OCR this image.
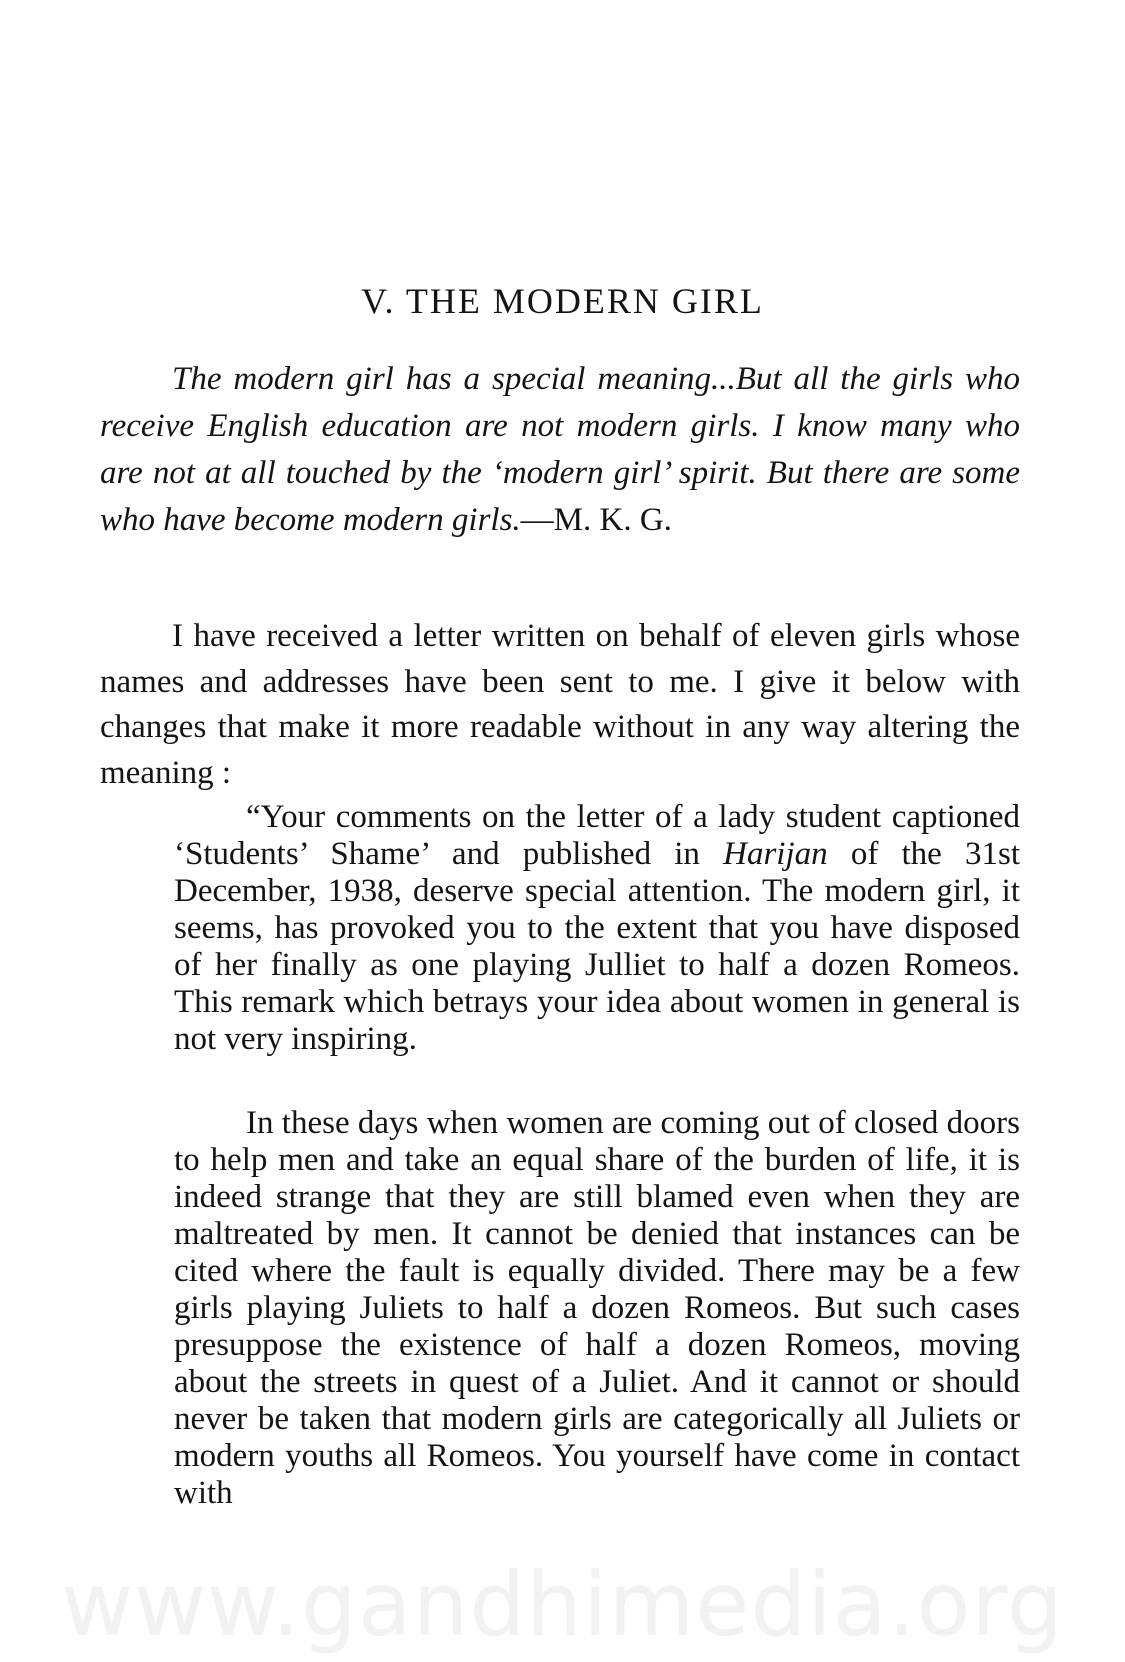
V. THE MODERN GIRL

The modern girl has a special meaning...But all the girls who receive English education are not modern girls. I know many who are not at all touched by the ‘modern girl’ spirit. But there are some who have become modern girls.—M. K. G.

I have received a letter written on behalf of eleven girls whose names and addresses have been sent to me. I give it below with changes that make it more readable without in any way altering the meaning :

“Your comments on the letter of a lady student captioned ‘Students’ Shame’ and published in Harijan of the 31st December, 1938, deserve special attention. The modern girl, it seems, has provoked you to the extent that you have disposed of her finally as one playing Julliet to half a dozen Romeos. This remark which betrays your idea about women in general is not very inspiring.

In these days when women are coming out of closed doors to help men and take an equal share of the burden of life, it is indeed strange that they are still blamed even when they are maltreated by men. It cannot be denied that instances can be cited where the fault is equally divided. There may be a few girls playing Juliets to half a dozen Romeos. But such cases presuppose the existence of half a dozen Romeos, moving about the streets in quest of a Juliet. And it cannot or should never be taken that modern girls are categorically all Juliets or modern youths all Romeos. You yourself have come in contact with

www.gandhimedia.org
